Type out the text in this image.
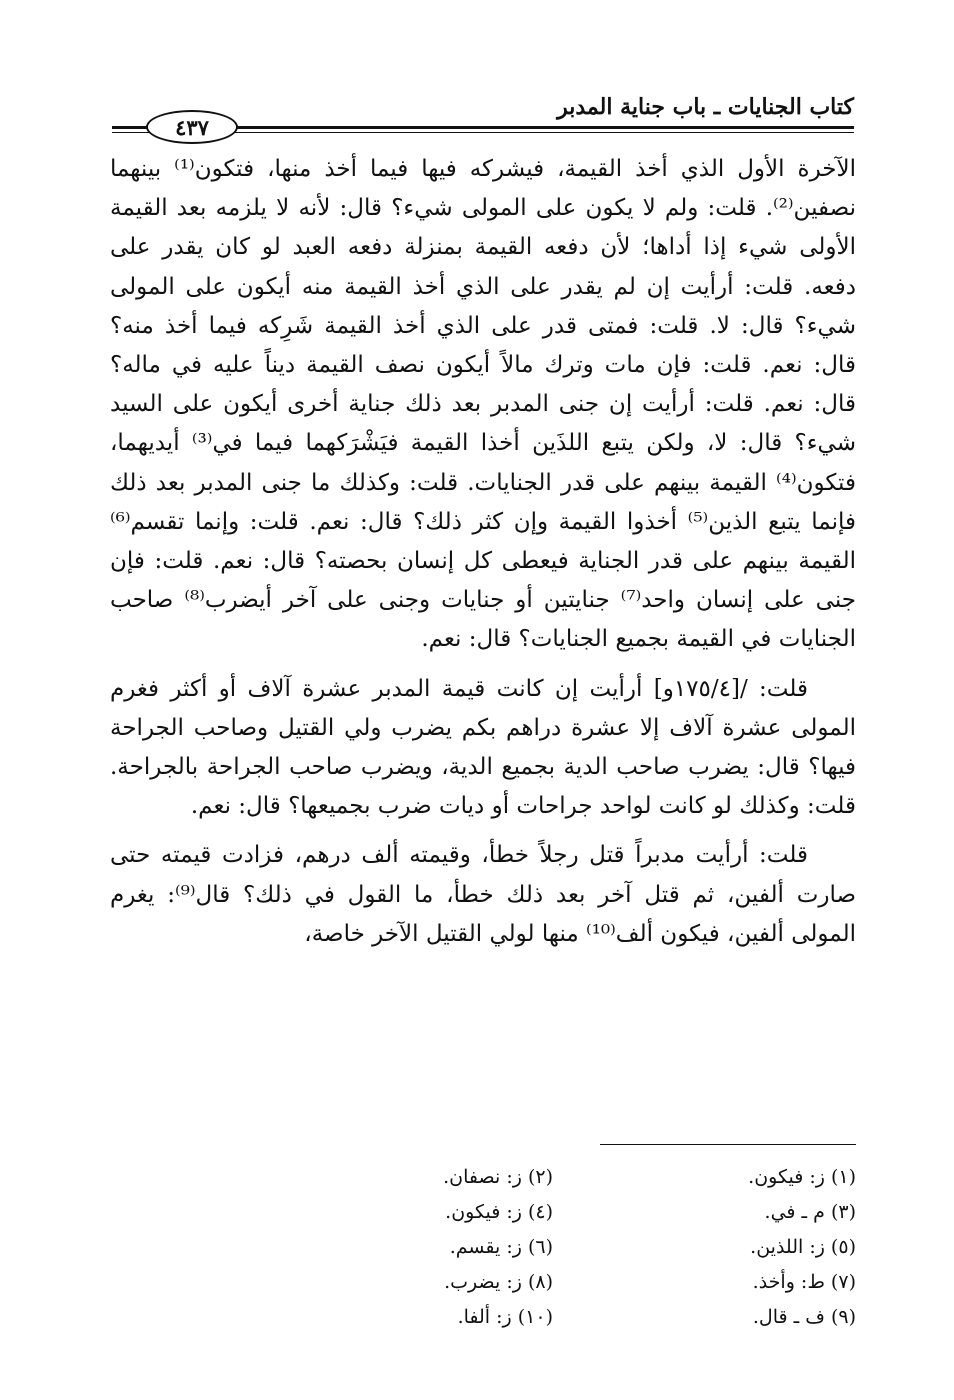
كتاب الجنايات ـ باب جناية المدبر
٤٣٧

الآخرة الأول الذي أخذ القيمة، فيشركه فيها فيما أخذ منها، فتكون⁽¹⁾ بينهما نصفين⁽²⁾. قلت: ولم لا يكون على المولى شيء؟ قال: لأنه لا يلزمه بعد القيمة الأولى شيء إذا أداها؛ لأن دفعه القيمة بمنزلة دفعه العبد لو كان يقدر على دفعه. قلت: أرأيت إن لم يقدر على الذي أخذ القيمة منه أيكون على المولى شيء؟ قال: لا. قلت: فمتى قدر على الذي أخذ القيمة شَرِكه فيما أخذ منه؟ قال: نعم. قلت: فإن مات وترك مالاً أيكون نصف القيمة ديناً عليه في ماله؟ قال: نعم. قلت: أرأيت إن جنى المدبر بعد ذلك جناية أخرى أيكون على السيد شيء؟ قال: لا، ولكن يتبع اللذَين أخذا القيمة فيَشْرَكهما فيما في⁽³⁾ أيديهما، فتكون⁽⁴⁾ القيمة بينهم على قدر الجنايات. قلت: وكذلك ما جنى المدبر بعد ذلك فإنما يتبع الذين⁽⁵⁾ أخذوا القيمة وإن كثر ذلك؟ قال: نعم. قلت: وإنما تقسم⁽⁶⁾ القيمة بينهم على قدر الجناية فيعطى كل إنسان بحصته؟ قال: نعم. قلت: فإن جنى على إنسان واحد⁽⁷⁾ جنايتين أو جنايات وجنى على آخر أيضرب⁽⁸⁾ صاحب الجنايات في القيمة بجميع الجنايات؟ قال: نعم.

قلت: /[١٧٥/٤و] أرأيت إن كانت قيمة المدبر عشرة آلاف أو أكثر فغرم المولى عشرة آلاف إلا عشرة دراهم بكم يضرب ولي القتيل وصاحب الجراحة فيها؟ قال: يضرب صاحب الدية بجميع الدية، ويضرب صاحب الجراحة بالجراحة. قلت: وكذلك لو كانت لواحد جراحات أو ديات ضرب بجميعها؟ قال: نعم.

قلت: أرأيت مدبراً قتل رجلاً خطأ، وقيمته ألف درهم، فزادت قيمته حتى صارت ألفين، ثم قتل آخر بعد ذلك خطأ، ما القول في ذلك؟ قال⁽⁹⁾: يغرم المولى ألفين، فيكون ألف⁽¹⁰⁾ منها لولي القتيل الآخر خاصة،

(١) ز: فيكون.
(٢) ز: نصفان.
(٣) م ـ في.
(٤) ز: فيكون.
(٥) ز: اللذين.
(٦) ز: يقسم.
(٧) ط: وأخذ.
(٨) ز: يضرب.
(٩) ف ـ قال.
(١٠) ز: ألفا.
